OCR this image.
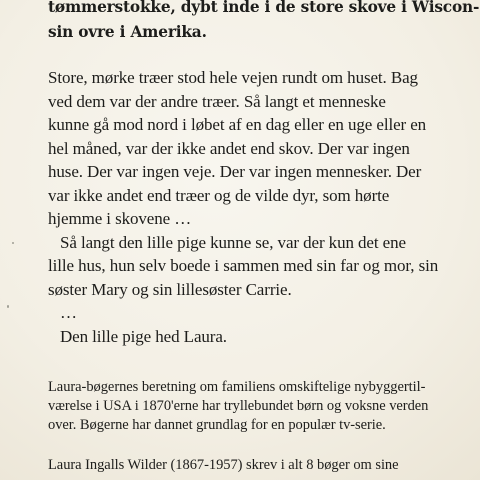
tømmerstokke, dybt inde i de store skove i Wiscon-
sin ovre i Amerika.
Store, mørke træer stod hele vejen rundt om huset. Bag
ved dem var der andre træer. Så langt et menneske
kunne gå mod nord i løbet af en dag eller en uge eller en
hel måned, var der ikke andet end skov. Der var ingen
huse. Der var ingen veje. Der var ingen mennesker. Der
var ikke andet end træer og de vilde dyr, som hørte
hjemme i skovene …
Så langt den lille pige kunne se, var der kun det ene
lille hus, hun selv boede i sammen med sin far og mor, sin
søster Mary og sin lillesøster Carrie.
…
Den lille pige hed Laura.
Laura-bøgernes beretning om familiens omskiftelige nybyggertil-
værelse i USA i 1870'erne har tryllebundet børn og voksne verden
over. Bøgerne har dannet grundlag for en populær tv-serie.
Laura Ingalls Wilder (1867-1957) skrev i alt 8 bøger om sine
